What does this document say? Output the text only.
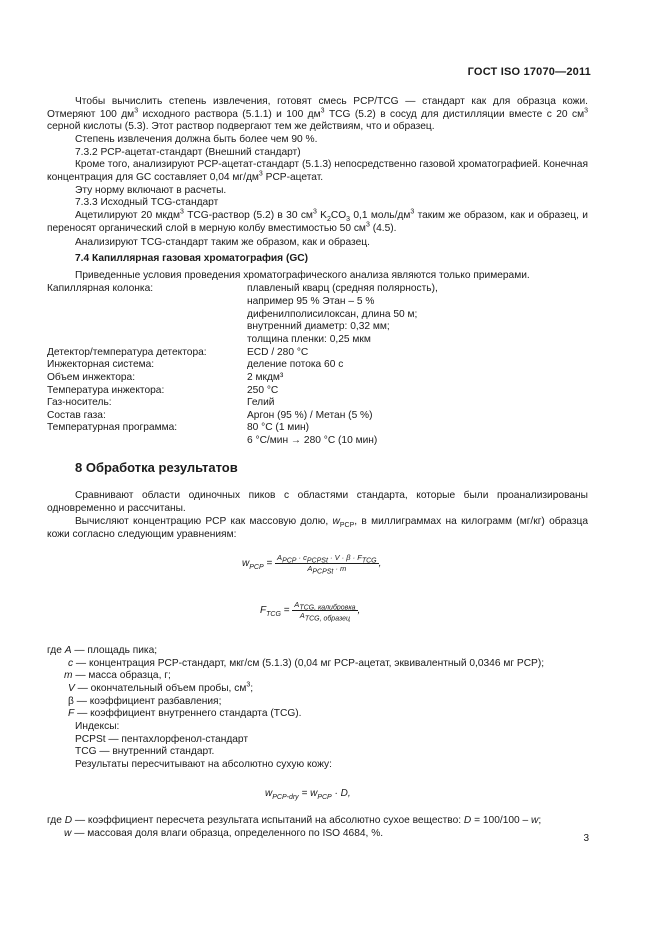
ГОСТ ISO 17070—2011
Чтобы вычислить степень извлечения, готовят смесь PCP/TCG — стандарт как для образца кожи. Отмеряют 100 $дм^3$ исходного раствора (5.1.1) и 100 $дм^3$ TCG (5.2) в сосуд для дистилляции вместе с 20 $см^3$ серной кислоты (5.3). Этот раствор подвергают тем же действиям, что и образец.
Степень извлечения должна быть более чем 90 %.
7.3.2 PCP-ацетат-стандарт (Внешний стандарт)
Кроме того, анализируют PCP-ацетат-стандарт (5.1.3) непосредственно газовой хроматографией. Конечная концентрация для GC составляет 0,04 $мг/дм^3$ PCP-ацетат.
Эту норму включают в расчеты.
7.3.3 Исходный TCG-стандарт
Ацетилируют 20 мкдм$^3$ TCG-раствор (5.2) в 30 $см^3$ $K_2CO_3$ 0,1 моль/$дм^3$ таким же образом, как и образец, и переносят органический слой в мерную колбу вместимостью 50 $см^3$ (4.5).
Анализируют TCG-стандарт таким же образом, как и образец.
7.4 Капиллярная газовая хроматография (GC)
Приведенные условия проведения хроматографического анализа являются только примерами.
Капиллярная колонка:	плавленый кварц (средняя полярность),
например 95 % Этан – 5 %
дифенилполисилоксан, длина 50 м;
внутренний диаметр: 0,32 мм;
толщина пленки: 0,25 мкм
Детектор/температура детектора:	ECD / 280 °C
Инжекторная система:	деление потока 60 с
Объем инжектора:	2 мкдм³
Температура инжектора:	250 °C
Газ-носитель:	Гелий
Состав газа:	Аргон (95 %) / Метан (5 %)
Температурная программа:	80 °C (1 мин)
6 °C/мин → 280 °C (10 мин)
8 Обработка результатов
Сравнивают области одиночных пиков с областями стандарта, которые были проанализированы одновременно и рассчитаны.
Вычисляют концентрацию PCP как массовую долю, $w_{PCP}$, в миллиграммах на килограмм (мг/кг) образца кожи согласно следующим уравнениям:
$w_{PCP} = \frac{A_{PCP} \cdot c_{PCPSt} \cdot V \cdot \beta \cdot F_{TCG}}{A_{PCPSt} \cdot m}$ ,
$F_{TCG} = \frac{A_{TCG, калибровка}}{A_{TCG, образец}}$ ,
где A — площадь пика;
c — концентрация PCP-стандарт, мкг/см (5.1.3) (0,04 мг PCP-ацетат, эквивалентный 0,0346 мг PCP);
m — масса образца, г;
V — окончательный объем пробы, $см^3$;
β — коэффициент разбавления;
F — коэффициент внутреннего стандарта (TCG).
Индексы:
PCPSt — пентахлорфенол-стандарт
TCG — внутренний стандарт.
Результаты пересчитывают на абсолютно сухую кожу:
$w_{PCP-dry} = w_{PCP} \cdot D$,
где D — коэффициент пересчета результата испытаний на абсолютно сухое вещество: D = 100/100 – w;
w — массовая доля влаги образца, определенного по ISO 4684, %.	3
